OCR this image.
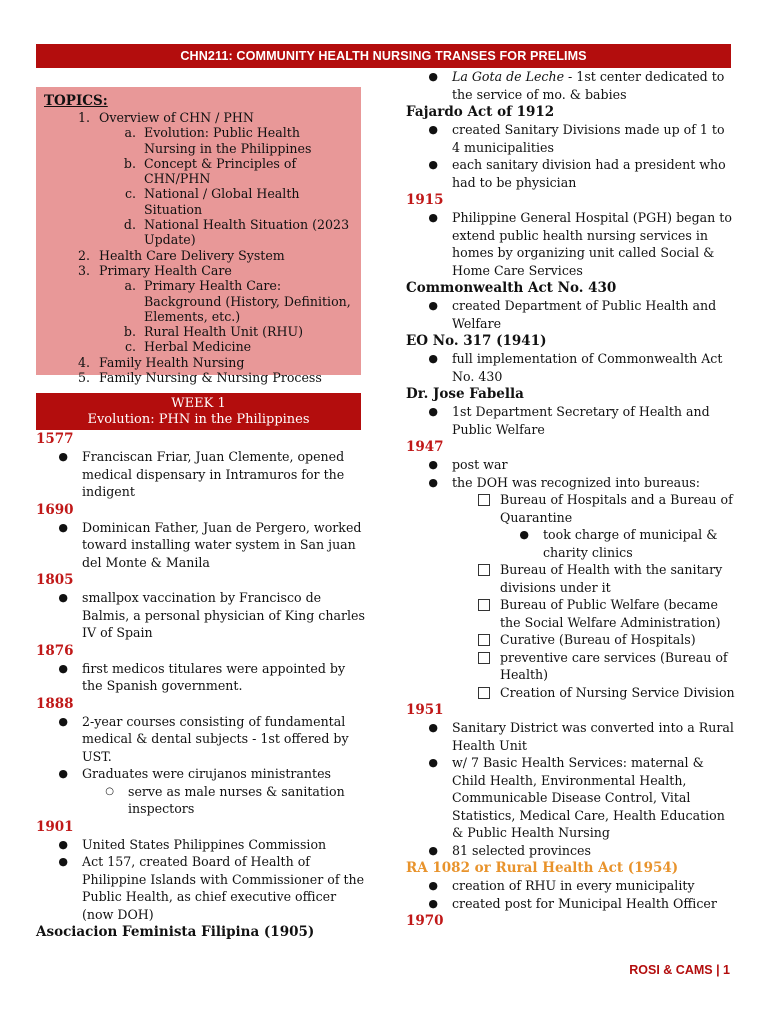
CHN211: COMMUNITY HEALTH NURSING TRANSES FOR PRELIMS
TOPICS:
1. Overview of CHN / PHN
a. Evolution: Public Health Nursing in the Philippines
b. Concept & Principles of CHN/PHN
c. National / Global Health Situation
d. National Health Situation (2023 Update)
2. Health Care Delivery System
3. Primary Health Care
a. Primary Health Care: Background (History, Definition, Elements, etc.)
b. Rural Health Unit (RHU)
c. Herbal Medicine
4. Family Health Nursing
5. Family Nursing & Nursing Process
WEEK 1
Evolution: PHN in the Philippines
1577
●	Franciscan Friar, Juan Clemente, opened medical dispensary in Intramuros for the indigent
1690
●	Dominican Father, Juan de Pergero, worked toward installing water system in San juan del Monte & Manila
1805
●	smallpox vaccination by Francisco de Balmis, a personal physician of King charles IV of Spain
1876
●	first medicos titulares were appointed by the Spanish government.
1888
●	2-year courses consisting of fundamental medical & dental subjects - 1st offered by UST.
●	Graduates were cirujanos ministrantes
○	serve as male nurses & sanitation inspectors
1901
●	United States Philippines Commission
●	Act 157, created Board of Health of Philippine Islands with Commissioner of the Public Health, as chief executive officer (now DOH)
Asociacion Feminista Filipina (1905)
●	La Gota de Leche - 1st center dedicated to the service of mo. & babies
Fajardo Act of 1912
●	created Sanitary Divisions made up of 1 to 4 municipalities
●	each sanitary division had a president who had to be physician
1915
●	Philippine General Hospital (PGH) began to extend public health nursing services in homes by organizing unit called Social & Home Care Services
Commonwealth Act No. 430
●	created Department of Public Health and Welfare
EO No. 317 (1941)
●	full implementation of Commonwealth Act No. 430
Dr. Jose Fabella
●	1st Department Secretary of Health and Public Welfare
1947
●	post war
●	the DOH was recognized into bureaus:
Bureau of Hospitals and a Bureau of Quarantine
●	took charge of municipal & charity clinics
Bureau of Health with the sanitary divisions under it
Bureau of Public Welfare (became the Social Welfare Administration)
Curative (Bureau of Hospitals)
preventive care services (Bureau of Health)
Creation of Nursing Service Division
1951
●	Sanitary District was converted into a Rural Health Unit
●	w/ 7 Basic Health Services: maternal & Child Health, Environmental Health, Communicable Disease Control, Vital Statistics, Medical Care, Health Education & Public Health Nursing
●	81 selected provinces
RA 1082 or Rural Health Act (1954)
●	creation of RHU in every municipality
●	created post for Municipal Health Officer
1970
ROSI & CAMS | 1
